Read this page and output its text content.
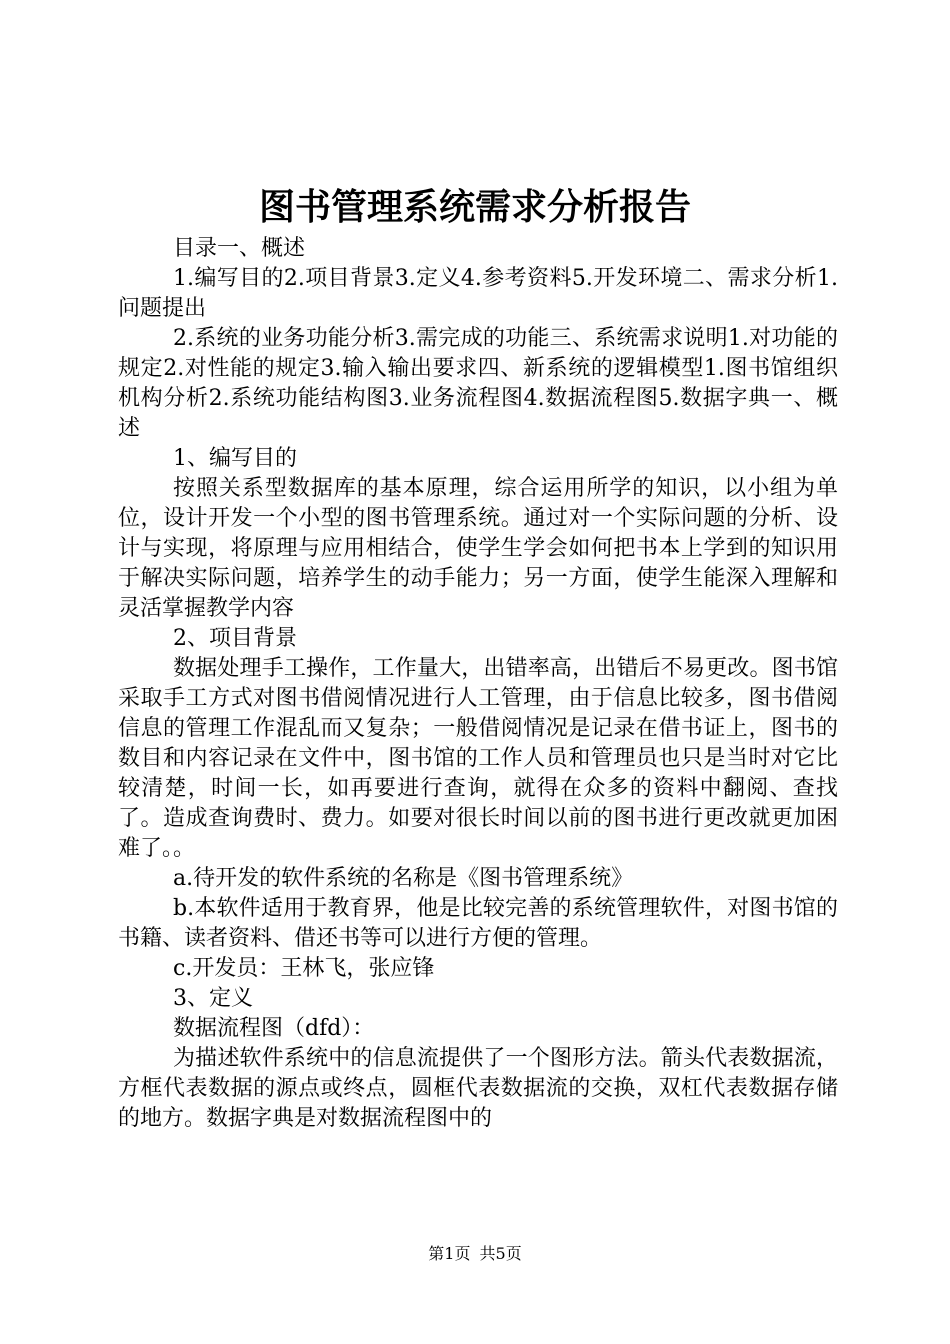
图书管理系统需求分析报告

目录一、概述

1.编写目的2.项目背景3.定义4.参考资料5.开发环境二、需求分析1.问题提出

2.系统的业务功能分析3.需完成的功能三、系统需求说明1.对功能的规定2.对性能的规定3.输入输出要求四、新系统的逻辑模型1.图书馆组织机构分析2.系统功能结构图3.业务流程图4.数据流程图5.数据字典一、概述

1、编写目的

按照关系型数据库的基本原理，综合运用所学的知识，以小组为单位，设计开发一个小型的图书管理系统。通过对一个实际问题的分析、设计与实现，将原理与应用相结合，使学生学会如何把书本上学到的知识用于解决实际问题，培养学生的动手能力；另一方面，使学生能深入理解和灵活掌握教学内容

2、项目背景

数据处理手工操作，工作量大，出错率高，出错后不易更改。图书馆采取手工方式对图书借阅情况进行人工管理，由于信息比较多，图书借阅信息的管理工作混乱而又复杂；一般借阅情况是记录在借书证上，图书的数目和内容记录在文件中，图书馆的工作人员和管理员也只是当时对它比较清楚，时间一长，如再要进行查询，就得在众多的资料中翻阅、查找了。造成查询费时、费力。如要对很长时间以前的图书进行更改就更加困难了。。

a.待开发的软件系统的名称是《图书管理系统》

b.本软件适用于教育界，他是比较完善的系统管理软件，对图书馆的书籍、读者资料、借还书等可以进行方便的管理。

c.开发员：王林飞，张应锋

3、定义

数据流程图（dfd）：

为描述软件系统中的信息流提供了一个图形方法。箭头代表数据流，方框代表数据的源点或终点，圆框代表数据流的交换，双杠代表数据存储的地方。数据字典是对数据流程图中的

第1页 共5页
